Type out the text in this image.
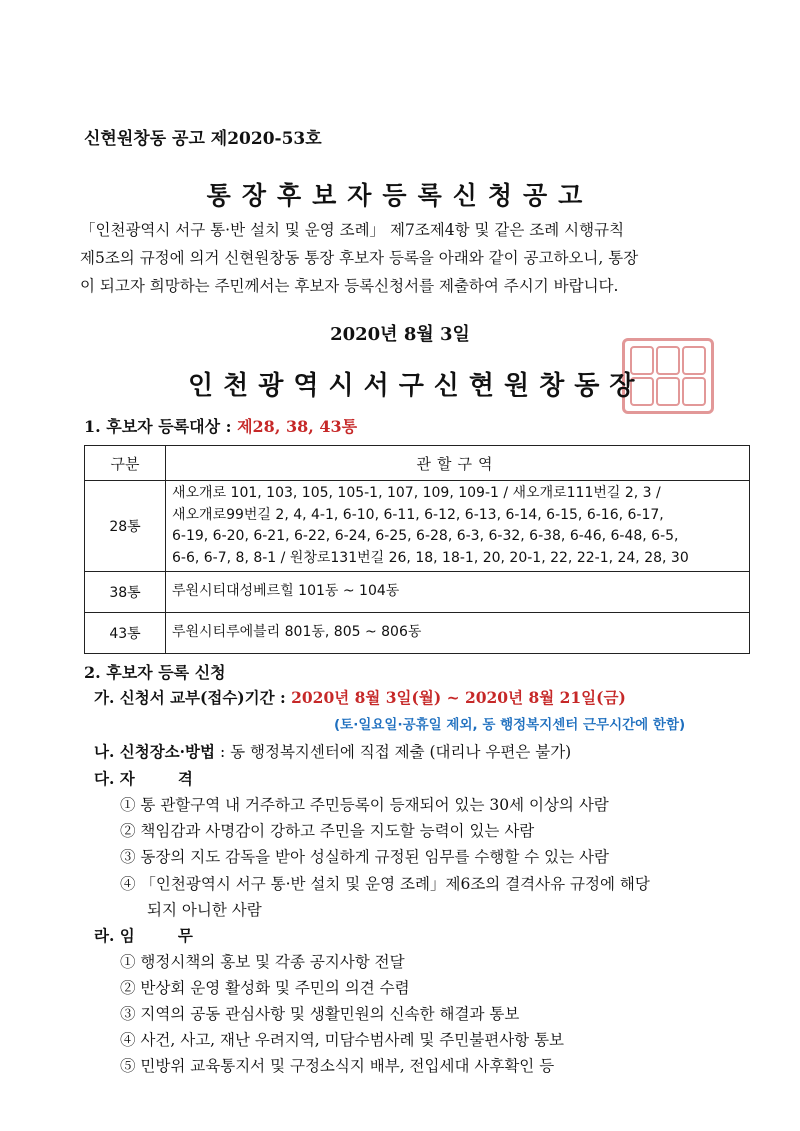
신현원창동 공고 제2020-53호
통장후보자등록신청공고
「인천광역시 서구 통·반 설치 및 운영 조례」 제7조제4항 및 같은 조례 시행규칙
제5조의 규정에 의거 신현원창동 통장 후보자 등록을 아래와 같이 공고하오니, 통장
이 되고자 희망하는 주민께서는 후보자 등록신청서를 제출하여 주시기 바랍니다.
2020년 8월 3일
인천광역시서구신현원창동장
1. 후보자 등록대상 : 제28, 38, 43통
구분	관할구역
28통	새오개로 101, 103, 105, 105-1, 107, 109, 109-1 / 새오개로111번길 2, 3 /
새오개로99번길 2, 4, 4-1, 6-10, 6-11, 6-12, 6-13, 6-14, 6-15, 6-16, 6-17,
6-19, 6-20, 6-21, 6-22, 6-24, 6-25, 6-28, 6-3, 6-32, 6-38, 6-46, 6-48, 6-5,
6-6, 6-7, 8, 8-1 / 원창로131번길 26, 18, 18-1, 20, 20-1, 22, 22-1, 24, 28, 30

38통	루원시티대성베르힐 101동 ~ 104동

43통	루원시티루에블리 801동, 805 ~ 806동
2. 후보자 등록 신청
가. 신청서 교부(접수)기간 : 2020년 8월 3일(월) ~ 2020년 8월 21일(금)
(토·일요일·공휴일 제외, 동 행정복지센터 근무시간에 한함)
나. 신청장소·방법 : 동 행정복지센터에 직접 제출 (대리나 우편은 불가)
다. 자        격
① 통 관할구역 내 거주하고 주민등록이 등재되어 있는 30세 이상의 사람
② 책임감과 사명감이 강하고 주민을 지도할 능력이 있는 사람
③ 동장의 지도 감독을 받아 성실하게 규정된 임무를 수행할 수 있는 사람
④ 「인천광역시 서구 통·반 설치 및 운영 조례」제6조의 결격사유 규정에 해당
되지 아니한 사람
라. 임        무
① 행정시책의 홍보 및 각종 공지사항 전달
② 반상회 운영 활성화 및 주민의 의견 수렴
③ 지역의 공동 관심사항 및 생활민원의 신속한 해결과 통보
④ 사건, 사고, 재난 우려지역, 미담수범사례 및 주민불편사항 통보
⑤ 민방위 교육통지서 및 구정소식지 배부, 전입세대 사후확인 등
